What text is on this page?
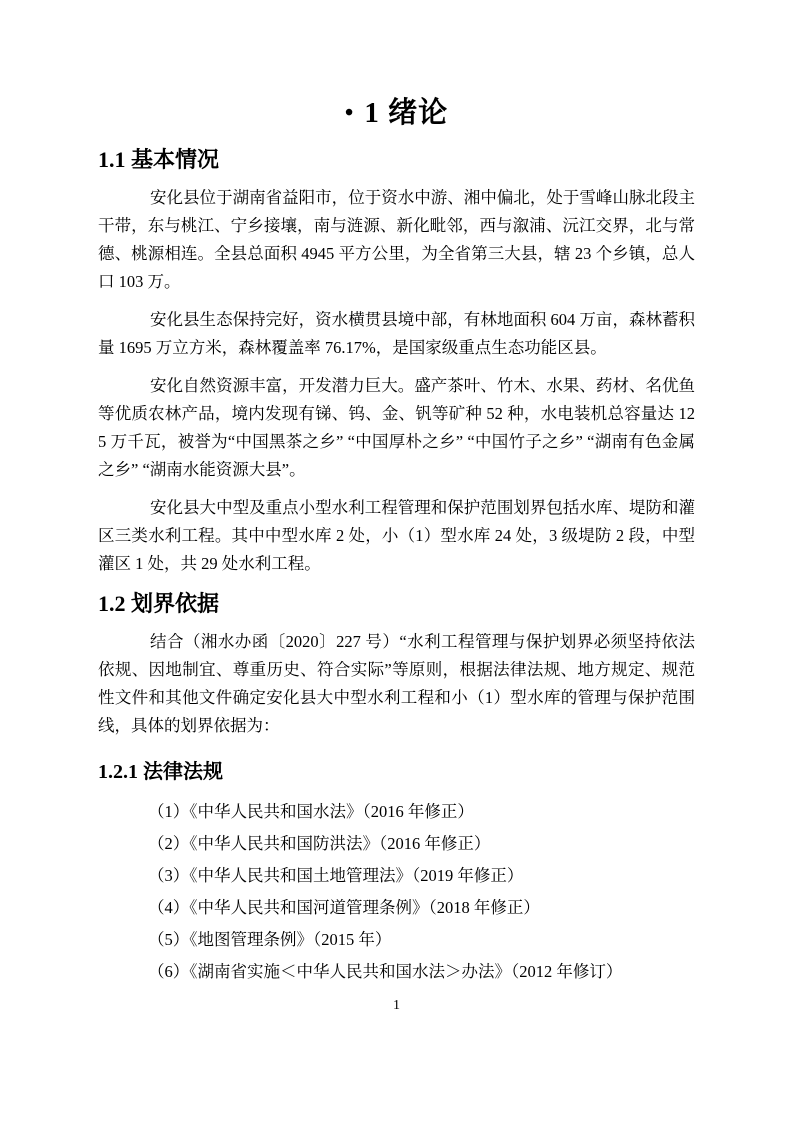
• 1 绪论
1.1 基本情况

安化县位于湖南省益阳市，位于资水中游、湘中偏北，处于雪峰山脉北段主干带，东与桃江、宁乡接壤，南与涟源、新化毗邻，西与溆浦、沅江交界，北与常德、桃源相连。全县总面积 4945 平方公里，为全省第三大县，辖 23 个乡镇，总人口 103 万。

安化县生态保持完好，资水横贯县境中部，有林地面积 604 万亩，森林蓄积量 1695 万立方米，森林覆盖率 76.17%，是国家级重点生态功能区县。

安化自然资源丰富，开发潜力巨大。盛产茶叶、竹木、水果、药材、名优鱼等优质农林产品，境内发现有锑、钨、金、钒等矿种 52 种，水电装机总容量达 125 万千瓦，被誉为“中国黑茶之乡” “中国厚朴之乡” “中国竹子之乡” “湖南有色金属之乡” “湖南水能资源大县”。

安化县大中型及重点小型水利工程管理和保护范围划界包括水库、堤防和灌区三类水利工程。其中中型水库 2 处，小（1）型水库 24 处，3 级堤防 2 段，中型灌区 1 处，共 29 处水利工程。

1.2 划界依据

结合（湘水办函〔2020〕227 号）“水利工程管理与保护划界必须坚持依法依规、因地制宜、尊重历史、符合实际”等原则，根据法律法规、地方规定、规范性文件和其他文件确定安化县大中型水利工程和小（1）型水库的管理与保护范围线，具体的划界依据为：

1.2.1 法律法规
（1）《中华人民共和国水法》（2016 年修正）
（2）《中华人民共和国防洪法》（2016 年修正）
（3）《中华人民共和国土地管理法》（2019 年修正）
（4）《中华人民共和国河道管理条例》（2018 年修正）
（5）《地图管理条例》（2015 年）
（6）《湖南省实施＜中华人民共和国水法＞办法》（2012 年修订）
1
